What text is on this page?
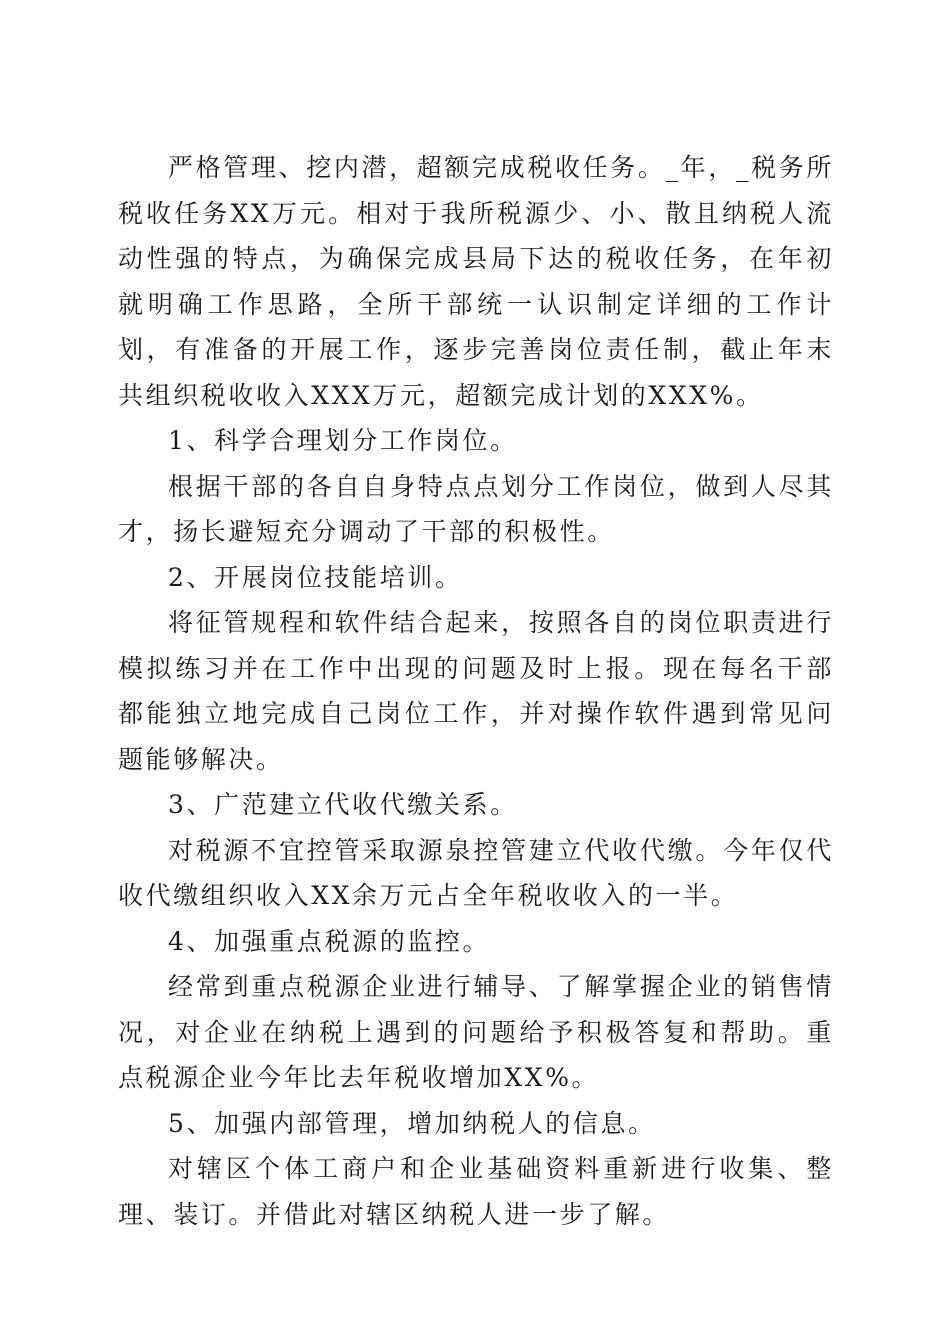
严格管理、挖内潜，超额完成税收任务。_年，_税务所税收任务XX万元。相对于我所税源少、小、散且纳税人流动性强的特点，为确保完成县局下达的税收任务，在年初就明确工作思路，全所干部统一认识制定详细的工作计划，有准备的开展工作，逐步完善岗位责任制，截止年末共组织税收收入XXX万元，超额完成计划的XXX%。

1、科学合理划分工作岗位。

根据干部的各自自身特点点划分工作岗位，做到人尽其才，扬长避短充分调动了干部的积极性。

2、开展岗位技能培训。

将征管规程和软件结合起来，按照各自的岗位职责进行模拟练习并在工作中出现的问题及时上报。现在每名干部都能独立地完成自己岗位工作，并对操作软件遇到常见问题能够解决。

3、广范建立代收代缴关系。

对税源不宜控管采取源泉控管建立代收代缴。今年仅代收代缴组织收入XX余万元占全年税收收入的一半。

4、加强重点税源的监控。

经常到重点税源企业进行辅导、了解掌握企业的销售情况，对企业在纳税上遇到的问题给予积极答复和帮助。重点税源企业今年比去年税收增加XX%。

5、加强内部管理，增加纳税人的信息。

对辖区个体工商户和企业基础资料重新进行收集、整理、装订。并借此对辖区纳税人进一步了解。
